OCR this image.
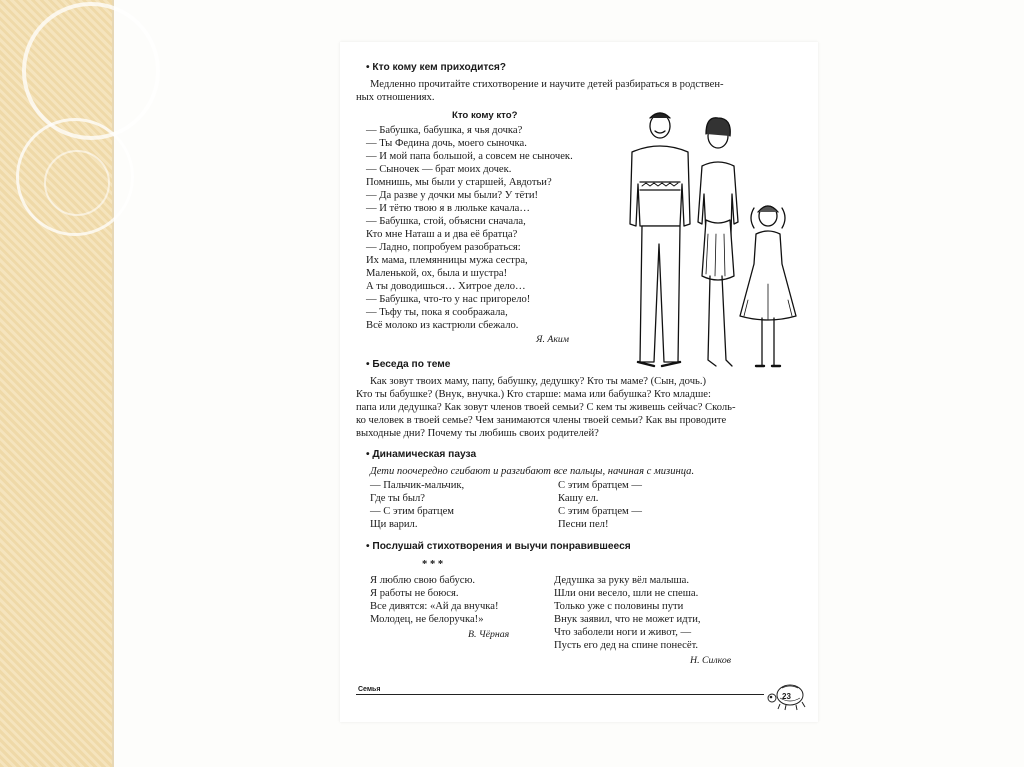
• Кто кому кем приходится?
Медленно прочитайте стихотворение и научите детей разбираться в родствен-
ных отношениях.
Кто кому кто?
— Бабушка, бабушка, я чья дочка?
— Ты Федина дочь, моего сыночка.
— И мой папа большой, а совсем не сыночек.
— Сыночек — брат моих дочек.
Помнишь, мы были у старшей, Авдотьи?
— Да разве у дочки мы были? У тёти!
— И тётю твою я в люльке качала…
— Бабушка, стой, объясни сначала,
Кто мне Наташ а и два её братца?
— Ладно, попробуем разобраться:
Их мама, племянницы мужа сестра,
Маленькой, ох, была и шустра!
А ты доводишься… Хитрое дело…
— Бабушка, что-то у нас пригорело!
— Тьфу ты, пока я соображала,
Всё молоко из кастрюли сбежало.
Я. Аким
• Беседа по теме
Как зовут твоих маму, папу, бабушку, дедушку? Кто ты маме? (Сын, дочь.)
Кто ты бабушке? (Внук, внучка.) Кто старше: мама или бабушка? Кто младше:
папа или дедушка? Как зовут членов твоей семьи? С кем ты живешь сейчас? Сколь-
ко человек в твоей семье? Чем занимаются члены твоей семьи? Как вы проводите
выходные дни? Почему ты любишь своих родителей?
• Динамическая пауза
Дети поочередно сгибают и разгибают все пальцы, начиная с мизинца.
— Пальчик-мальчик,
Где ты был?
— С этим братцем
Щи варил.
С этим братцем —
Кашу ел.
С этим братцем —
Песни пел!
• Послушай стихотворения и выучи понравившееся
* * *
Я люблю свою бабусю.
Я работы не боюся.
Все дивятся: «Ай да внучка!
Молодец, не белоручка!»
В. Чёрная
Дедушка за руку вёл малыша.
Шли они весело, шли не спеша.
Только уже с половины пути
Внук заявил, что не может идти,
Что заболели ноги и живот, —
Пусть его дед на спине понесёт.
Н. Силков
Семья
23
